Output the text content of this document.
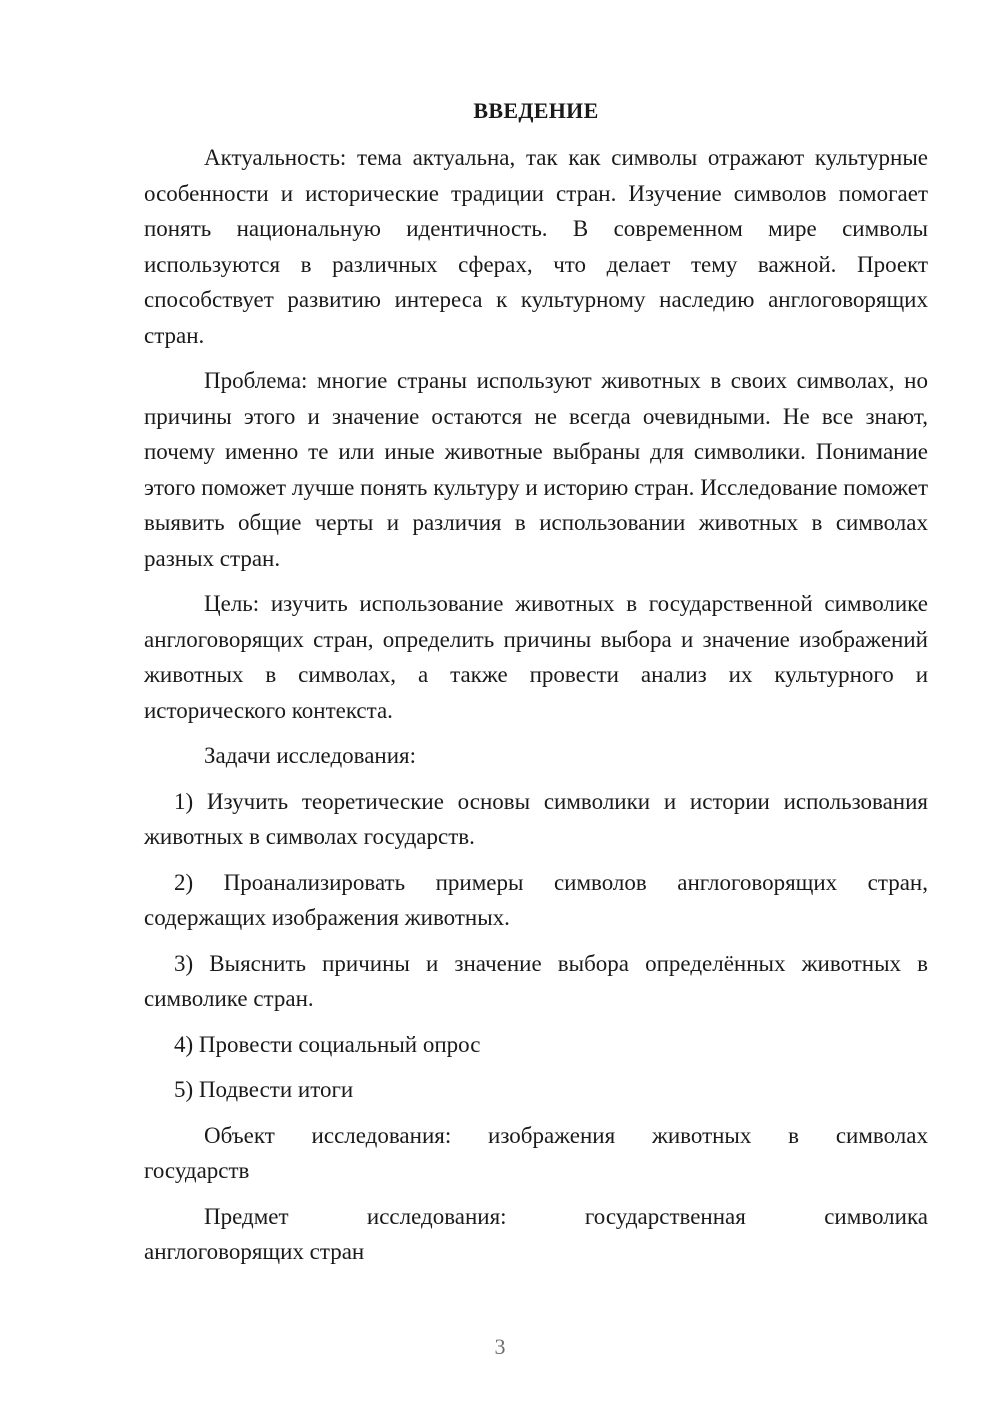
ВВЕДЕНИЕ

Актуальность: тема актуальна, так как символы отражают культурные особенности и исторические традиции стран. Изучение символов помогает понять национальную идентичность. В современном мире символы используются в различных сферах, что делает тему важной. Проект способствует развитию интереса к культурному наследию англоговорящих стран.

Проблема: многие страны используют животных в своих символах, но причины этого и значение остаются не всегда очевидными. Не все знают, почему именно те или иные животные выбраны для символики. Понимание этого поможет лучше понять культуру и историю стран. Исследование поможет выявить общие черты и различия в использовании животных в символах разных стран.

Цель: изучить использование животных в государственной символике англоговорящих стран, определить причины выбора и значение изображений животных в символах, а также провести анализ их культурного и исторического контекста.

Задачи исследования:

1) Изучить теоретические основы символики и истории использования животных в символах государств.

2) Проанализировать примеры символов англоговорящих стран, содержащих изображения животных.

3) Выяснить причины и значение выбора определённых животных в символике стран.

4) Провести социальный опрос

5) Подвести итоги

Объект исследования: изображения животных в символах
государств
Предмет исследования: государственная символика
англоговорящих стран
3
